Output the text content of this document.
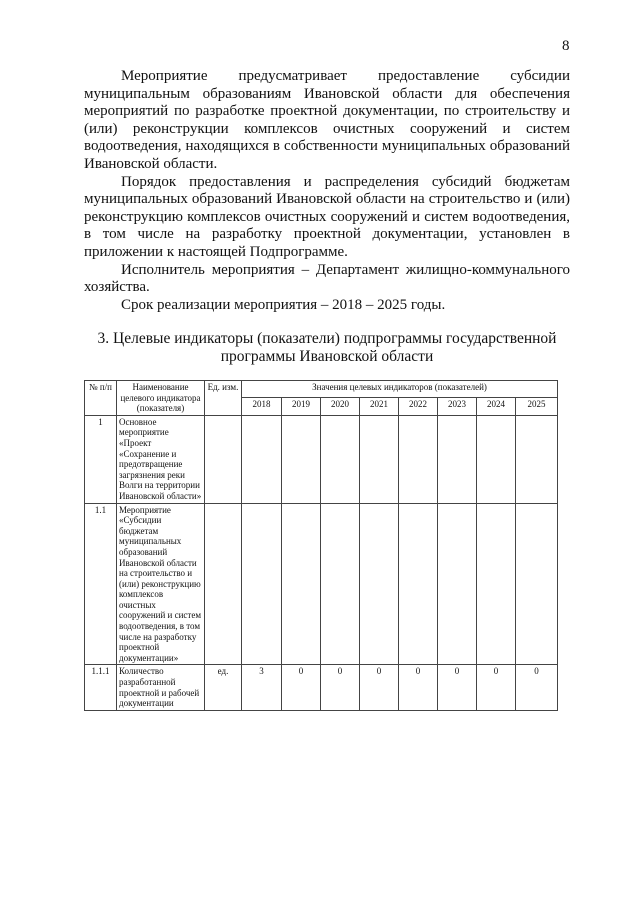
8

Мероприятие предусматривает предоставление субсидии муниципальным образованиям Ивановской области для обеспечения мероприятий по разработке проектной документации, по строительству и (или) реконструкции комплексов очистных сооружений и систем водоотведения, находящихся в собственности муниципальных образований Ивановской области.

Порядок предоставления и распределения субсидий бюджетам муниципальных образований Ивановской области на строительство и (или) реконструкцию комплексов очистных сооружений и систем водоотведения, в том числе на разработку проектной документации, установлен в приложении к настоящей Подпрограмме.

Исполнитель мероприятия – Департамент жилищно-коммунального хозяйства.

Срок реализации мероприятия – 2018 – 2025 годы.

3. Целевые индикаторы (показатели) подпрограммы государственной программы Ивановской области
№ п/п	Наименование целевого индикатора (показателя)	Ед. изм.	Значения целевых индикаторов (показателей)							
			2018	2019	2020	2021	2022	2023	2024	2025
1	Основное мероприятие «Проект «Сохранение и предотвращение загрязнения реки Волги на территории Ивановской области»									
1.1	Мероприятие «Субсидии бюджетам муниципальных образований Ивановской области на строительство и (или) реконструкцию комплексов очистных сооружений и систем водоотведения, в том числе на разработку проектной документации»									
1.1.1	Количество разработанной проектной и рабочей документации	ед.	3	0	0	0	0	0	0	0
